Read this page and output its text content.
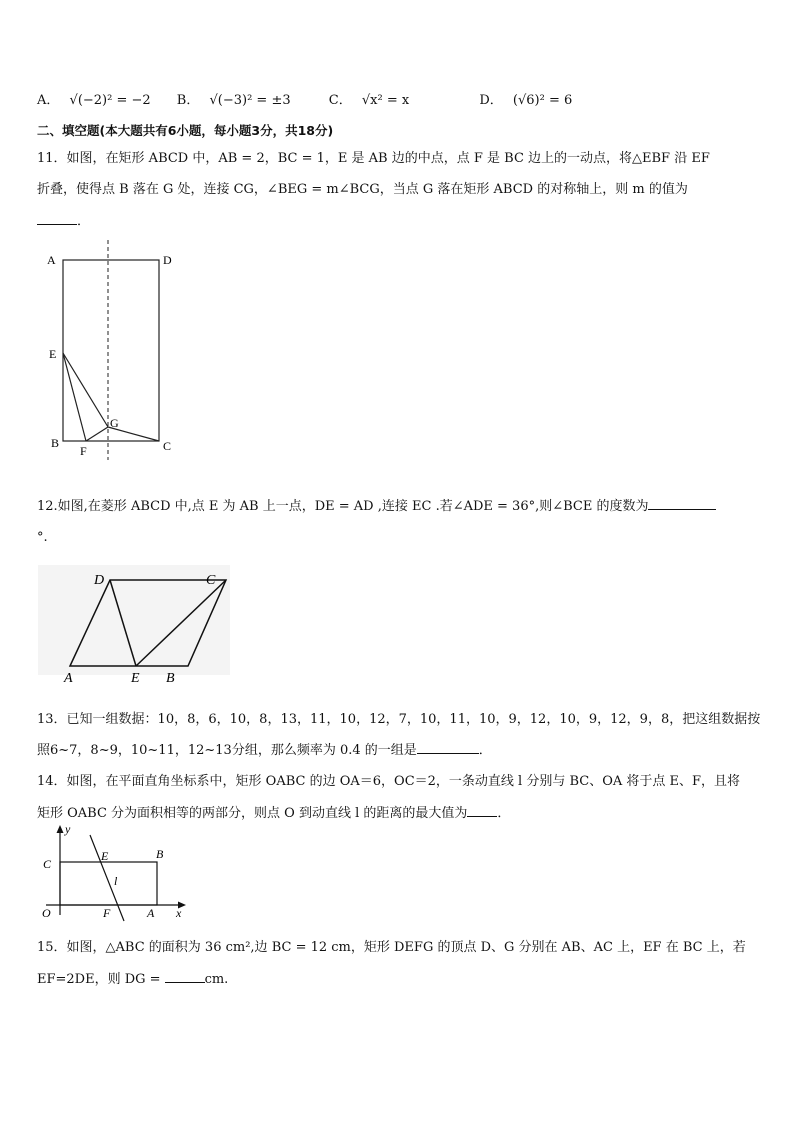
A． √(−2)² = −2 B． √(−3)² = ±3	C． √x² = x	D． (√6)² = 6
二、填空题(本大题共有6小题，每小题3分，共18分)
11．如图，在矩形 ABCD 中，AB = 2，BC = 1，E 是 AB 边的中点，点 F 是 BC 边上的一动点，将△EBF 沿 EF
折叠，使得点 B 落在 G 处，连接 CG，∠BEG = m∠BCG，当点 G 落在矩形 ABCD 的对称轴上，则 m 的值为
．
A	D
E
B
F
G
C
12.如图,在菱形 ABCD 中,点 E 为 AB 上一点，DE = AD ,连接 EC .若∠ADE = 36°,则∠BCE 的度数为
°.
D	C
A	E B
13．已知一组数据：10，8，6，10，8，13，11，10，12，7，10，11，10，9，12，10，9，12，9，8，把这组数据按
照6~7，8~9，10~11，12~13分组，那么频率为 0.4 的一组是	．
14．如图，在平面直角坐标系中，矩形 OABC 的边 OA＝6，OC＝2，一条动直线 l 分别与 BC、OA 将于点 E、F，且将
矩形 OABC 分为面积相等的两部分，则点 O 到动直线 l 的距离的最大值为 ．
y
x
C
E	B
l
O	F	A
15．如图，△ABC 的面积为 36 cm²,边 BC = 12 cm，矩形 DEFG 的顶点 D、G 分别在 AB、AC 上，EF 在 BC 上，若
EF=2DE，则 DG =	cm.
